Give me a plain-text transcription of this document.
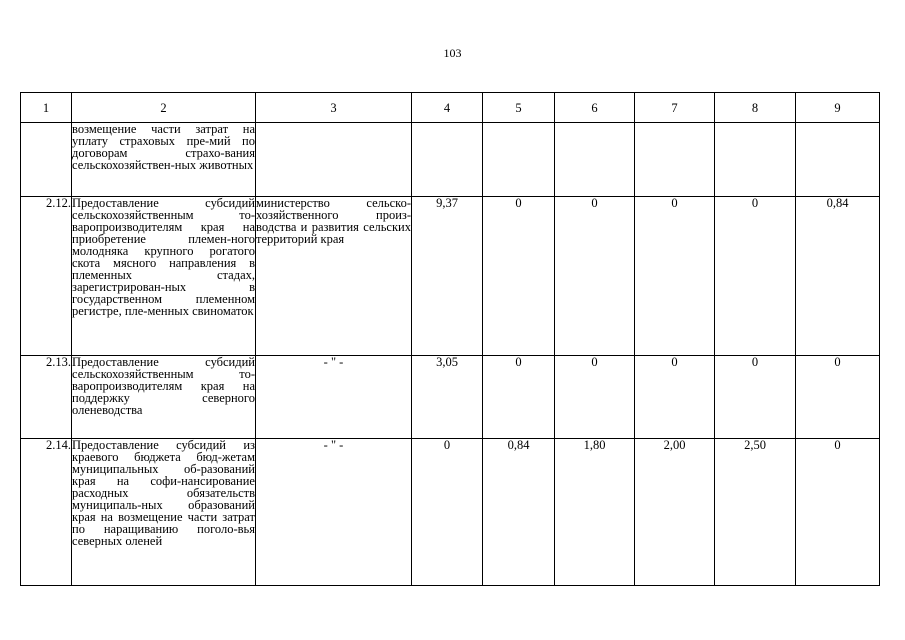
103
1	2	3	4	5	6	7	8	9
	возмещение части затрат на уплату страховых пре-мий по договорам страхо-вания сельскохозяйствен-ных животных							
2.12.	Предоставление субсидий сельскохозяйственным то-варопроизводителям края на приобретение племен-ного молодняка крупного рогатого скота мясного направления в племенных стадах, зарегистрирован-ных в государственном племенном регистре, пле-менных свиноматок	министерство сельско-хозяйственного произ-водства и развития сельских территорий края	9,37	0	0	0	0	0,84
2.13.	Предоставление субсидий сельскохозяйственным то-варопроизводителям края на поддержку северного оленеводства	- " -	3,05	0	0	0	0	0
2.14.	Предоставление субсидий из краевого бюджета бюд-жетам муниципальных об-разований края на софи-нансирование расходных обязательств муниципаль-ных образований края на возмещение части затрат по наращиванию поголо-вья северных оленей	- " -	0	0,84	1,80	2,00	2,50	0
